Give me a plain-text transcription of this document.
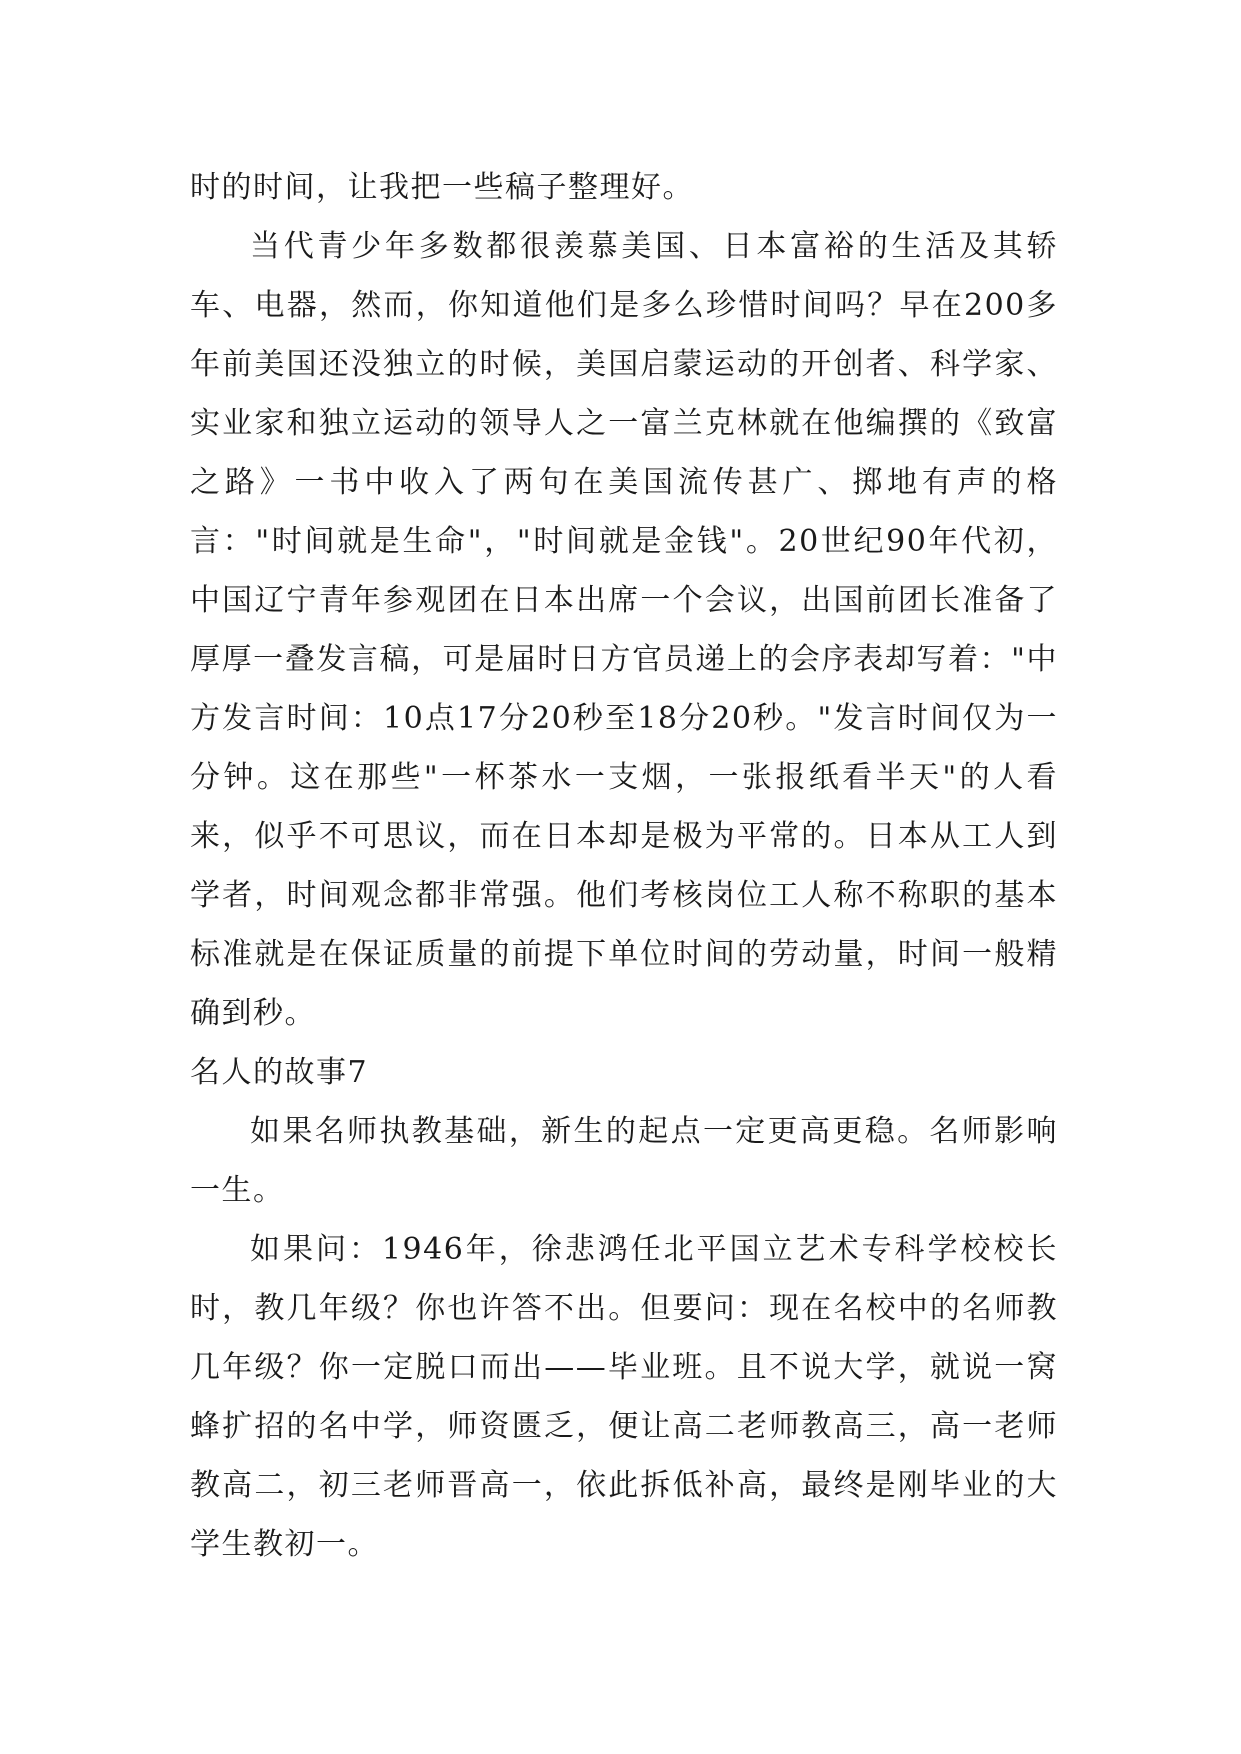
时的时间，让我把一些稿子整理好。

当代青少年多数都很羡慕美国、日本富裕的生活及其轿车、电器，然而，你知道他们是多么珍惜时间吗？早在200多年前美国还没独立的时候，美国启蒙运动的开创者、科学家、实业家和独立运动的领导人之一富兰克林就在他编撰的《致富之路》一书中收入了两句在美国流传甚广、掷地有声的格言："时间就是生命"，"时间就是金钱"。20世纪90年代初，中国辽宁青年参观团在日本出席一个会议，出国前团长准备了厚厚一叠发言稿，可是届时日方官员递上的会序表却写着："中方发言时间：10点17分20秒至18分20秒。"发言时间仅为一分钟。这在那些"一杯茶水一支烟，一张报纸看半天"的人看来，似乎不可思议，而在日本却是极为平常的。日本从工人到学者，时间观念都非常强。他们考核岗位工人称不称职的基本标准就是在保证质量的前提下单位时间的劳动量，时间一般精确到秒。

名人的故事7

如果名师执教基础，新生的起点一定更高更稳。名师影响一生。

如果问：1946年，徐悲鸿任北平国立艺术专科学校校长时，教几年级？你也许答不出。但要问：现在名校中的名师教几年级？你一定脱口而出——毕业班。且不说大学，就说一窝蜂扩招的名中学，师资匮乏，便让高二老师教高三，高一老师教高二，初三老师晋高一，依此拆低补高，最终是刚毕业的大学生教初一。
